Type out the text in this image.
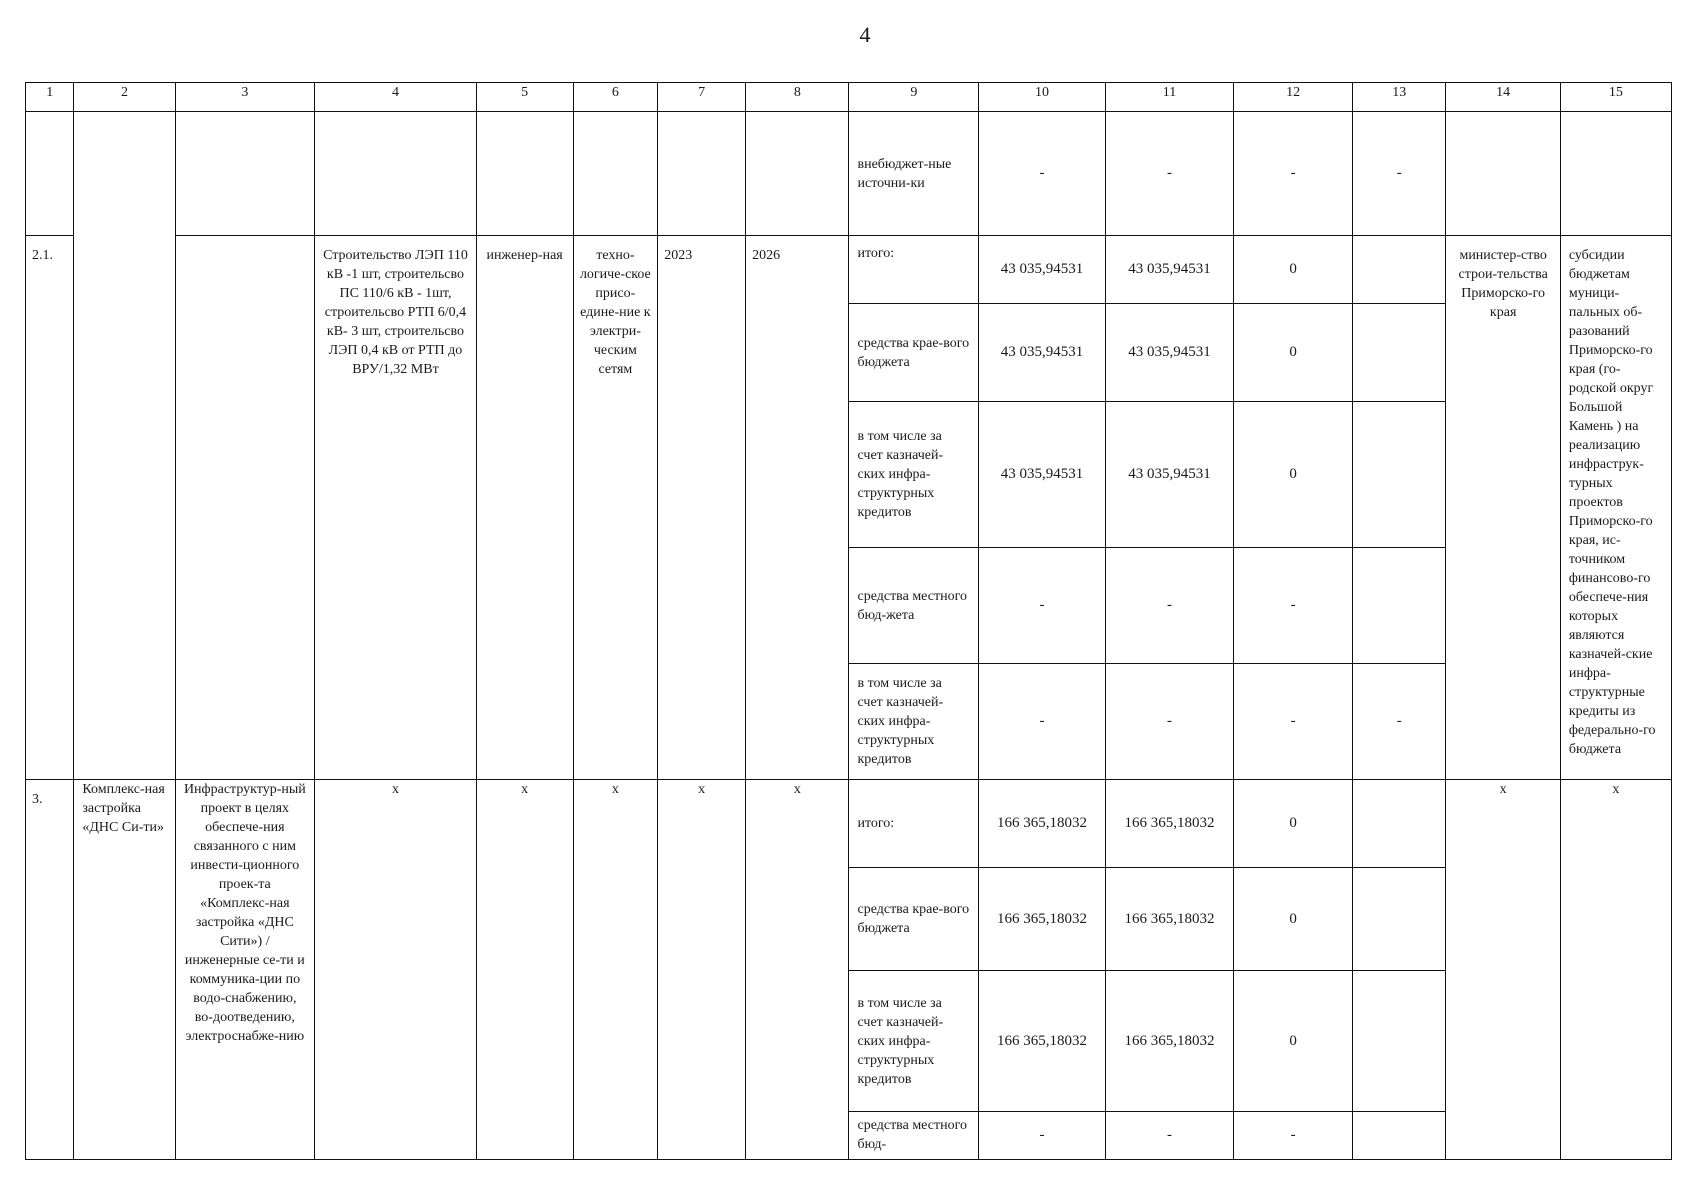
4
1	2	3	4	5	6	7	8	9	10	11	12	13	14	15
								внебюджет-ные источни-ки	-	-	-	-		
2.1.			Строительство ЛЭП 110 кВ -1 шт, строительсво ПС 110/6 кВ - 1шт, строительсво РТП 6/0,4 кВ- 3 шт, строительсво ЛЭП 0,4 кВ от РТП до ВРУ/1,32 МВт	инженер-ная	техно-логиче-ское присо-едине-ние к электри-ческим сетям	2023	2026	итого:	43 035,94531	43 035,94531	0		министер-ство строи-тельства Приморско-го края	субсидии бюджетам муници-пальных об-разований Приморско-го края (го-родской округ Большой Камень ) на реализацию инфраструк-турных проектов Приморско-го края, ис-точником финансово-го обеспече-ния которых являются казначей-ские инфра-структурные кредиты из федерально-го бюджета
								средства крае-вого бюджета	43 035,94531	43 035,94531	0			
								в том числе за счет казначей-ских инфра-структурных кредитов	43 035,94531	43 035,94531	0			
								средства местного бюд-жета	-	-	-			
								в том числе за счет казначей-ских инфра-структурных кредитов	-	-	-	-		
3.	Комплекс-ная застройка «ДНС Си-ти»	Инфраструктур-ный проект в целях обеспече-ния связанного с ним инвести-ционного проек-та «Комплекс-ная застройка «ДНС Сити») / инженерные се-ти и коммуника-ции по водо-снабжению, во-доотведению, электроснабже-нию	х	х	х	х	х	итого:	166 365,18032	166 365,18032	0		х	х
								средства крае-вого бюджета	166 365,18032	166 365,18032	0			
								в том числе за счет казначей-ских инфра-структурных кредитов	166 365,18032	166 365,18032	0			
								средства местного бюд-	-	-	-			
